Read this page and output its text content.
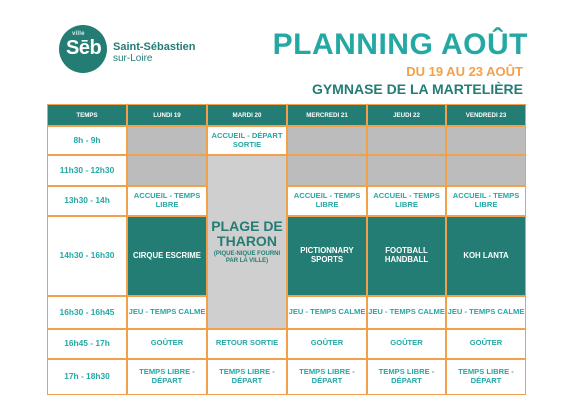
ville
Sēb Saint-Sébastien
sur-Loire	PLANNING AOÛT
DU 19 AU 23 AOÛT
GYMNASE DE LA MARTELIÈRE
TEMPS	LUNDI 19	MARDI 20	MERCREDI 21	JEUDI 22	VENDREDI 23
8h - 9h		ACCUEIL - DÉPART SORTIE			
11h30 - 12h30		PLAGE DE THARON
(PIQUE-NIQUE FOURNI PAR LA VILLE)			

13h30 - 14h	ACCUEIL - TEMPS LIBRE		ACCUEIL - TEMPS LIBRE	ACCUEIL - TEMPS LIBRE	ACCUEIL - TEMPS LIBRE
14h30 - 16h30	CIRQUE ESCRIME		PICTIONNARY SPORTS	FOOTBALL HANDBALL	KOH LANTA
16h30 - 16h45	JEU - TEMPS CALME		JEU - TEMPS CALME	JEU - TEMPS CALME	JEU - TEMPS CALME
16h45 - 17h	GOÛTER	RETOUR SORTIE	GOÛTER	GOÛTER	GOÛTER
17h - 18h30	TEMPS LIBRE - DÉPART	TEMPS LIBRE - DÉPART	TEMPS LIBRE - DÉPART	TEMPS LIBRE - DÉPART	TEMPS LIBRE - DÉPART
